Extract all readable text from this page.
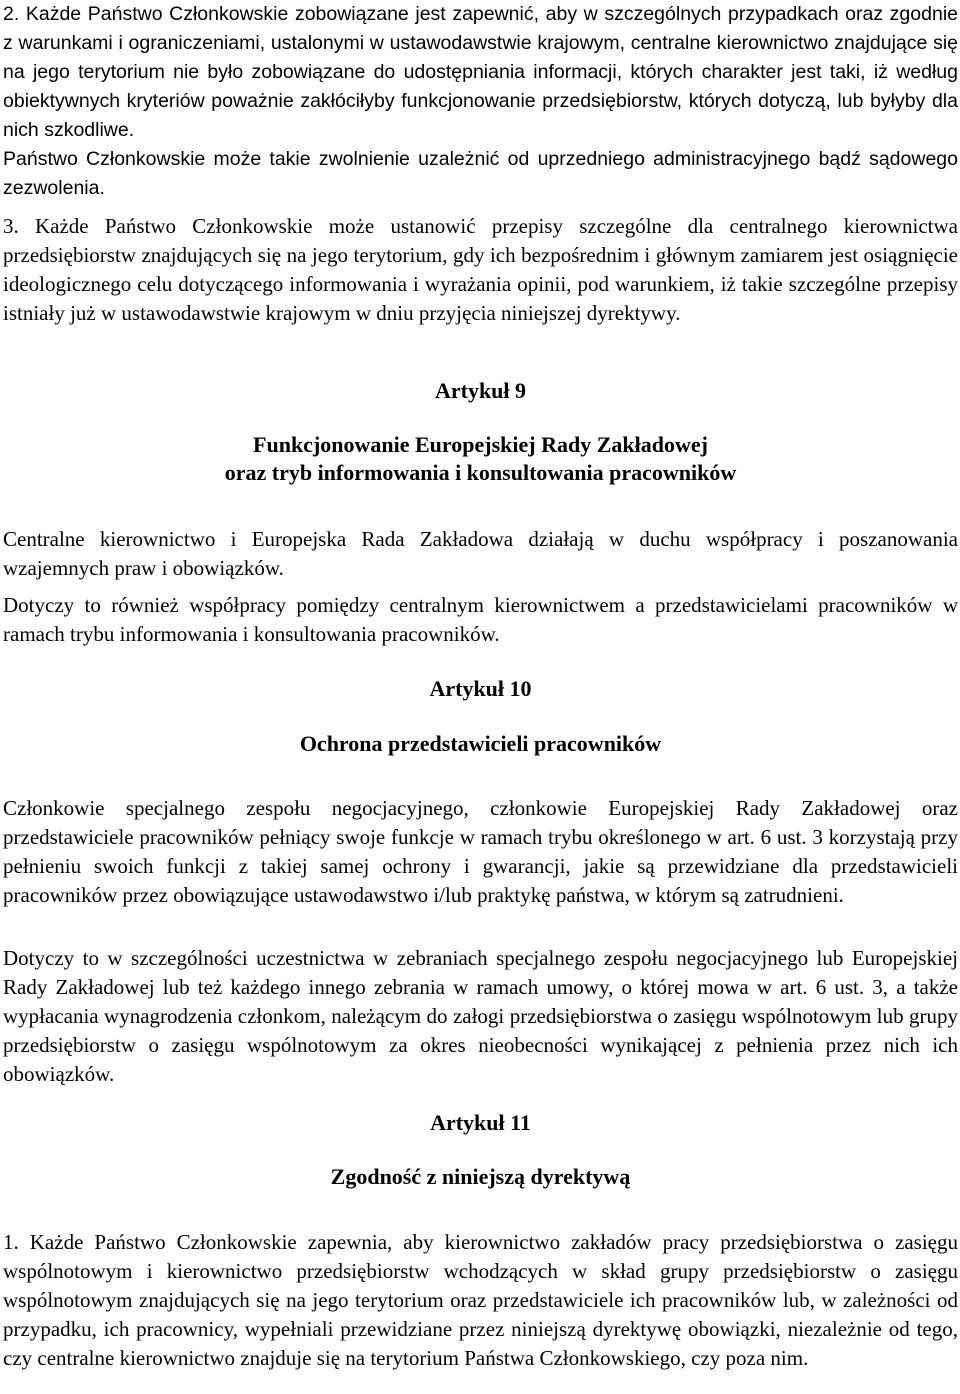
2. Każde Państwo Członkowskie zobowiązane jest zapewnić, aby w szczególnych przypadkach oraz zgodnie z warunkami i ograniczeniami, ustalonymi w ustawodawstwie krajowym, centralne kierownictwo znajdujące się na jego terytorium nie było zobowiązane do udostępniania informacji, których charakter jest taki, iż według obiektywnych kryteriów poważnie zakłóciłyby funkcjonowanie przedsiębiorstw, których dotyczą, lub byłyby dla nich szkodliwe.

Państwo Członkowskie może takie zwolnienie uzależnić od uprzedniego administracyjnego bądź sądowego zezwolenia.

3. Każde Państwo Członkowskie może ustanowić przepisy szczególne dla centralnego kierownictwa przedsiębiorstw znajdujących się na jego terytorium, gdy ich bezpośrednim i głównym zamiarem jest osiągnięcie ideologicznego celu dotyczącego informowania i wyrażania opinii, pod warunkiem, iż takie szczególne przepisy istniały już w ustawodawstwie krajowym w dniu przyjęcia niniejszej dyrektywy.

Artykuł 9

Funkcjonowanie Europejskiej Rady Zakładowej

oraz tryb informowania i konsultowania pracowników

Centralne kierownictwo i Europejska Rada Zakładowa działają w duchu współpracy i poszanowania wzajemnych praw i obowiązków.

Dotyczy to również współpracy pomiędzy centralnym kierownictwem a przedstawicielami pracowników w ramach trybu informowania i konsultowania pracowników.

Artykuł 10

Ochrona przedstawicieli pracowników

Członkowie specjalnego zespołu negocjacyjnego, członkowie Europejskiej Rady Zakładowej oraz przedstawiciele pracowników pełniący swoje funkcje w ramach trybu określonego w art. 6 ust. 3 korzystają przy pełnieniu swoich funkcji z takiej samej ochrony i gwarancji, jakie są przewidziane dla przedstawicieli pracowników przez obowiązujące ustawodawstwo i/lub praktykę państwa, w którym są zatrudnieni.

Dotyczy to w szczególności uczestnictwa w zebraniach specjalnego zespołu negocjacyjnego lub Europejskiej Rady Zakładowej lub też każdego innego zebrania w ramach umowy, o której mowa w art. 6 ust. 3, a także wypłacania wynagrodzenia członkom, należącym do załogi przedsiębiorstwa o zasięgu wspólnotowym lub grupy przedsiębiorstw o zasięgu wspólnotowym za okres nieobecności wynikającej z pełnienia przez nich ich obowiązków.

Artykuł 11

Zgodność z niniejszą dyrektywą

1. Każde Państwo Członkowskie zapewnia, aby kierownictwo zakładów pracy przedsiębiorstwa o zasięgu wspólnotowym i kierownictwo przedsiębiorstw wchodzących w skład grupy przedsiębiorstw o zasięgu wspólnotowym znajdujących się na jego terytorium oraz przedstawiciele ich pracowników lub, w zależności od przypadku, ich pracownicy, wypełniali przewidziane przez niniejszą dyrektywę obowiązki, niezależnie od tego, czy centralne kierownictwo znajduje się na terytorium Państwa Członkowskiego, czy poza nim.
